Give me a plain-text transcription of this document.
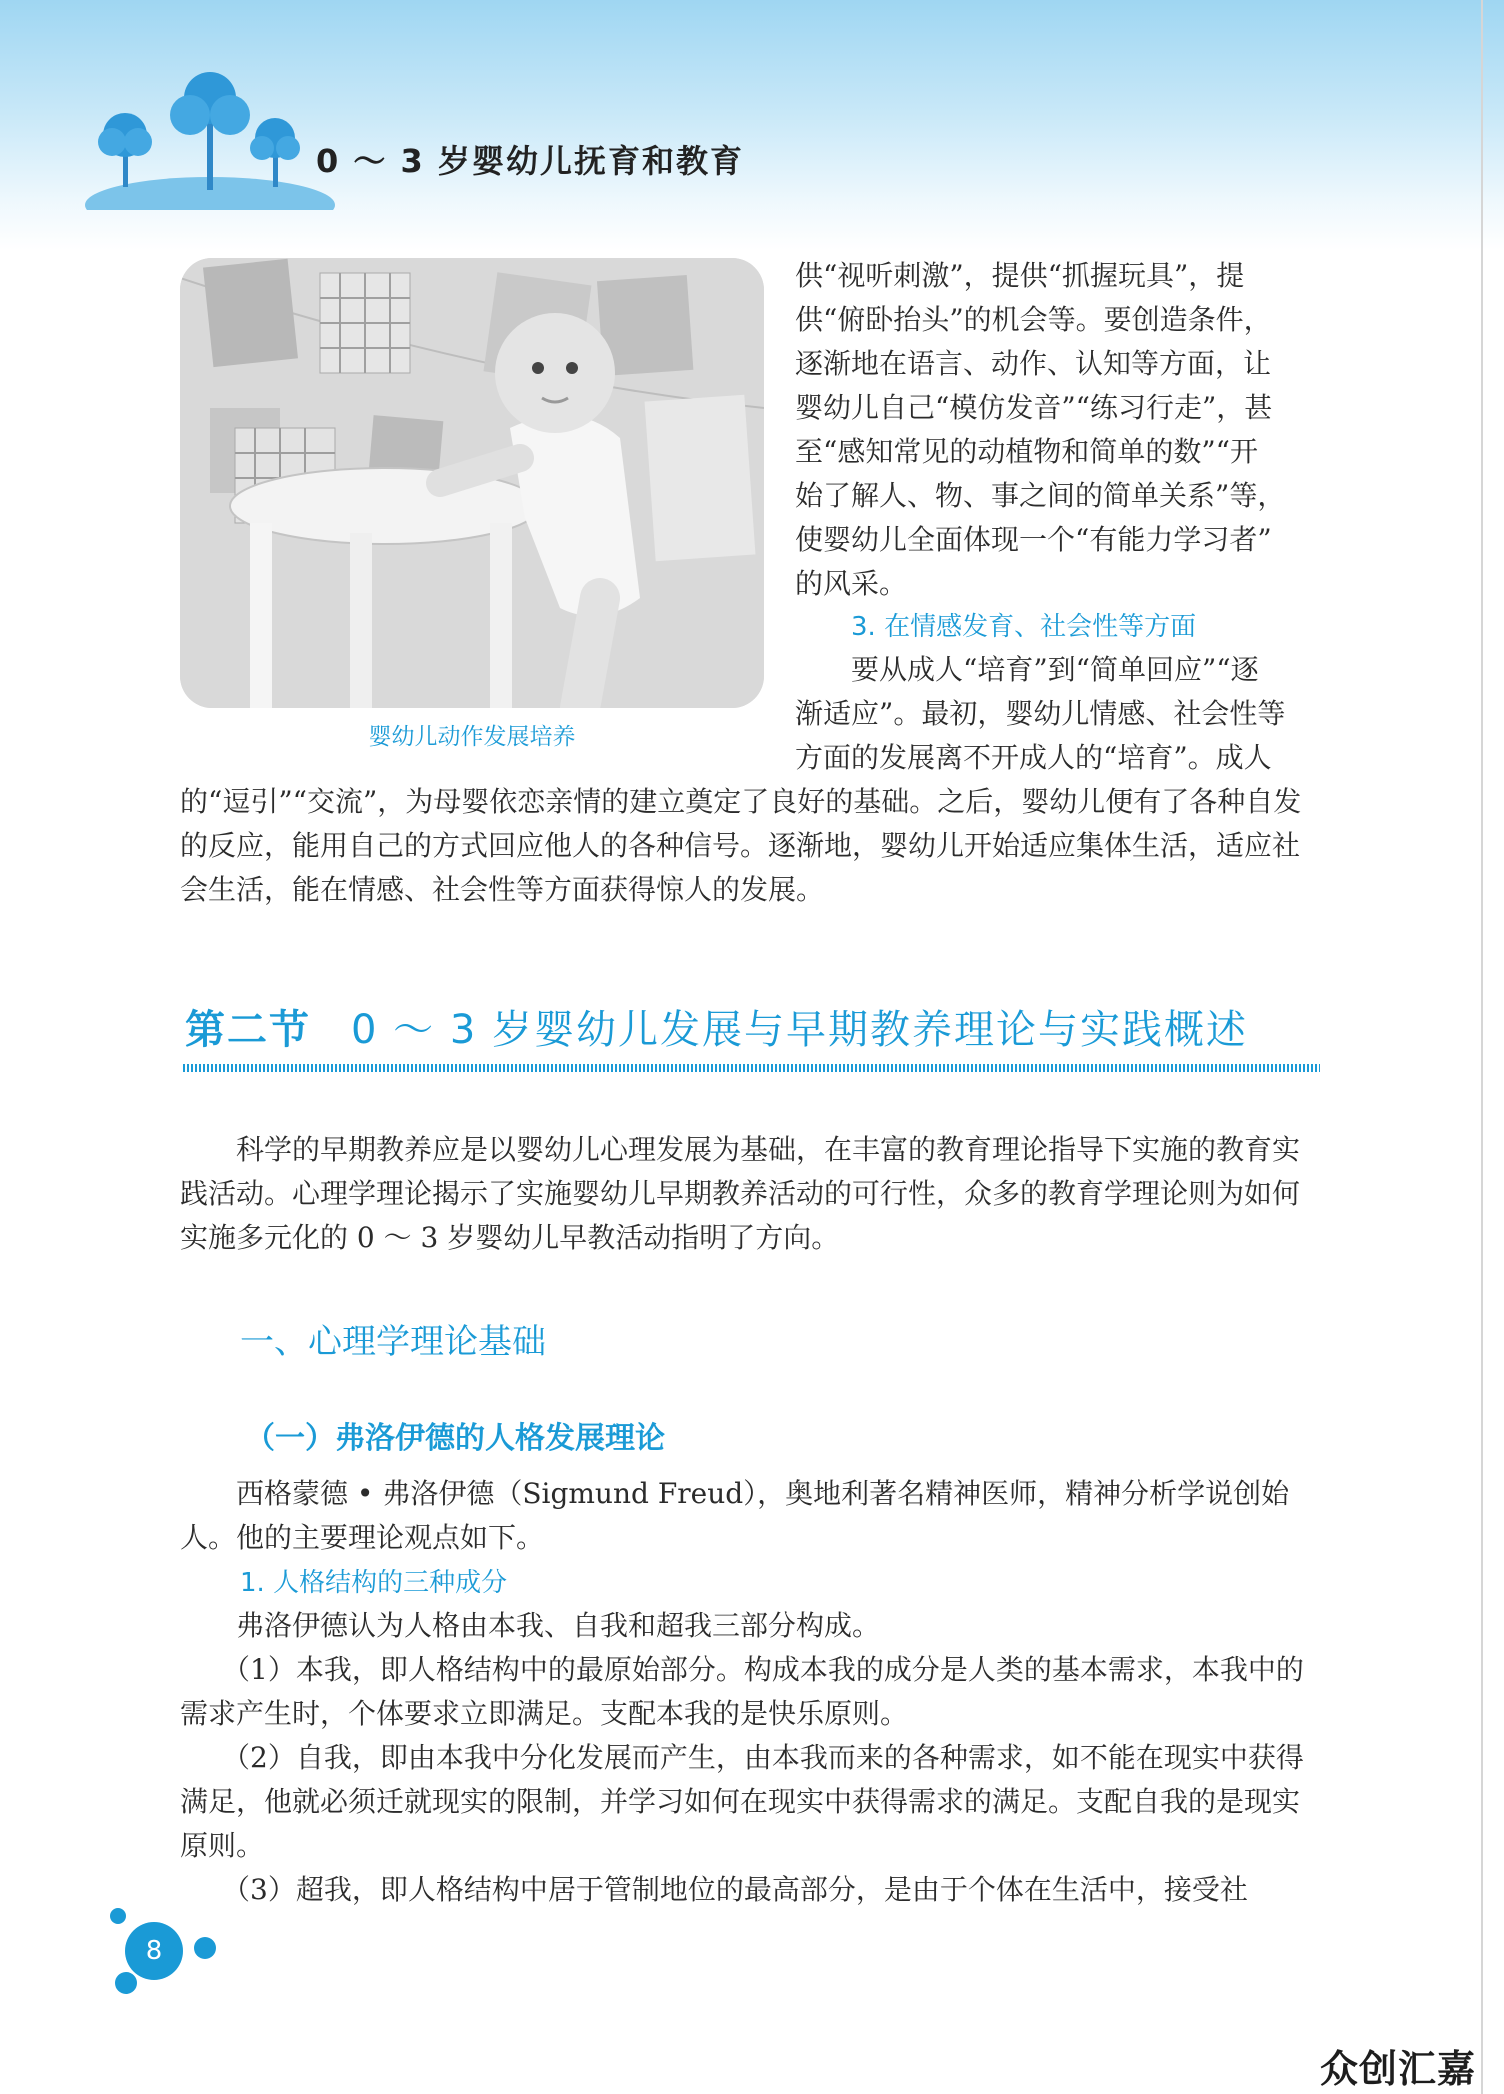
0 ～ 3 岁婴幼儿抚育和教育
婴幼儿动作发展培养
供“视听刺激”，提供“抓握玩具”，提
供“俯卧抬头”的机会等。要创造条件，
逐渐地在语言、动作、认知等方面，让
婴幼儿自己“模仿发音”“练习行走”，甚
至“感知常见的动植物和简单的数”“开
始了解人、物、事之间的简单关系”等，
使婴幼儿全面体现一个“有能力学习者”
的风采。
3. 在情感发育、社会性等方面
要从成人“培育”到“简单回应”“逐
渐适应”。最初，婴幼儿情感、社会性等
方面的发展离不开成人的“培育”。成人

的“逗引”“交流”，为母婴依恋亲情的建立奠定了良好的基础。之后，婴幼儿便有了各种自发的反应，能用自己的方式回应他人的各种信号。逐渐地，婴幼儿开始适应集体生活，适应社会生活，能在情感、社会性等方面获得惊人的发展。

第二节 0 ～ 3 岁婴幼儿发展与早期教养理论与实践概述

科学的早期教养应是以婴幼儿心理发展为基础，在丰富的教育理论指导下实施的教育实践活动。心理学理论揭示了实施婴幼儿早期教养活动的可行性，众多的教育学理论则为如何实施多元化的 0 ～ 3 岁婴幼儿早教活动指明了方向。

一、心理学理论基础
（一）弗洛伊德的人格发展理论

西格蒙德 • 弗洛伊德（Sigmund Freud），奥地利著名精神医师，精神分析学说创始人。他的主要理论观点如下。

1. 人格结构的三种成分

弗洛伊德认为人格由本我、自我和超我三部分构成。

（1）本我，即人格结构中的最原始部分。构成本我的成分是人类的基本需求，本我中的需求产生时，个体要求立即满足。支配本我的是快乐原则。

（2）自我，即由本我中分化发展而产生，由本我而来的各种需求，如不能在现实中获得满足，他就必须迁就现实的限制，并学习如何在现实中获得需求的满足。支配自我的是现实原则。

（3）超我，即人格结构中居于管制地位的最高部分，是由于个体在生活中，接受社

8
众创汇嘉
